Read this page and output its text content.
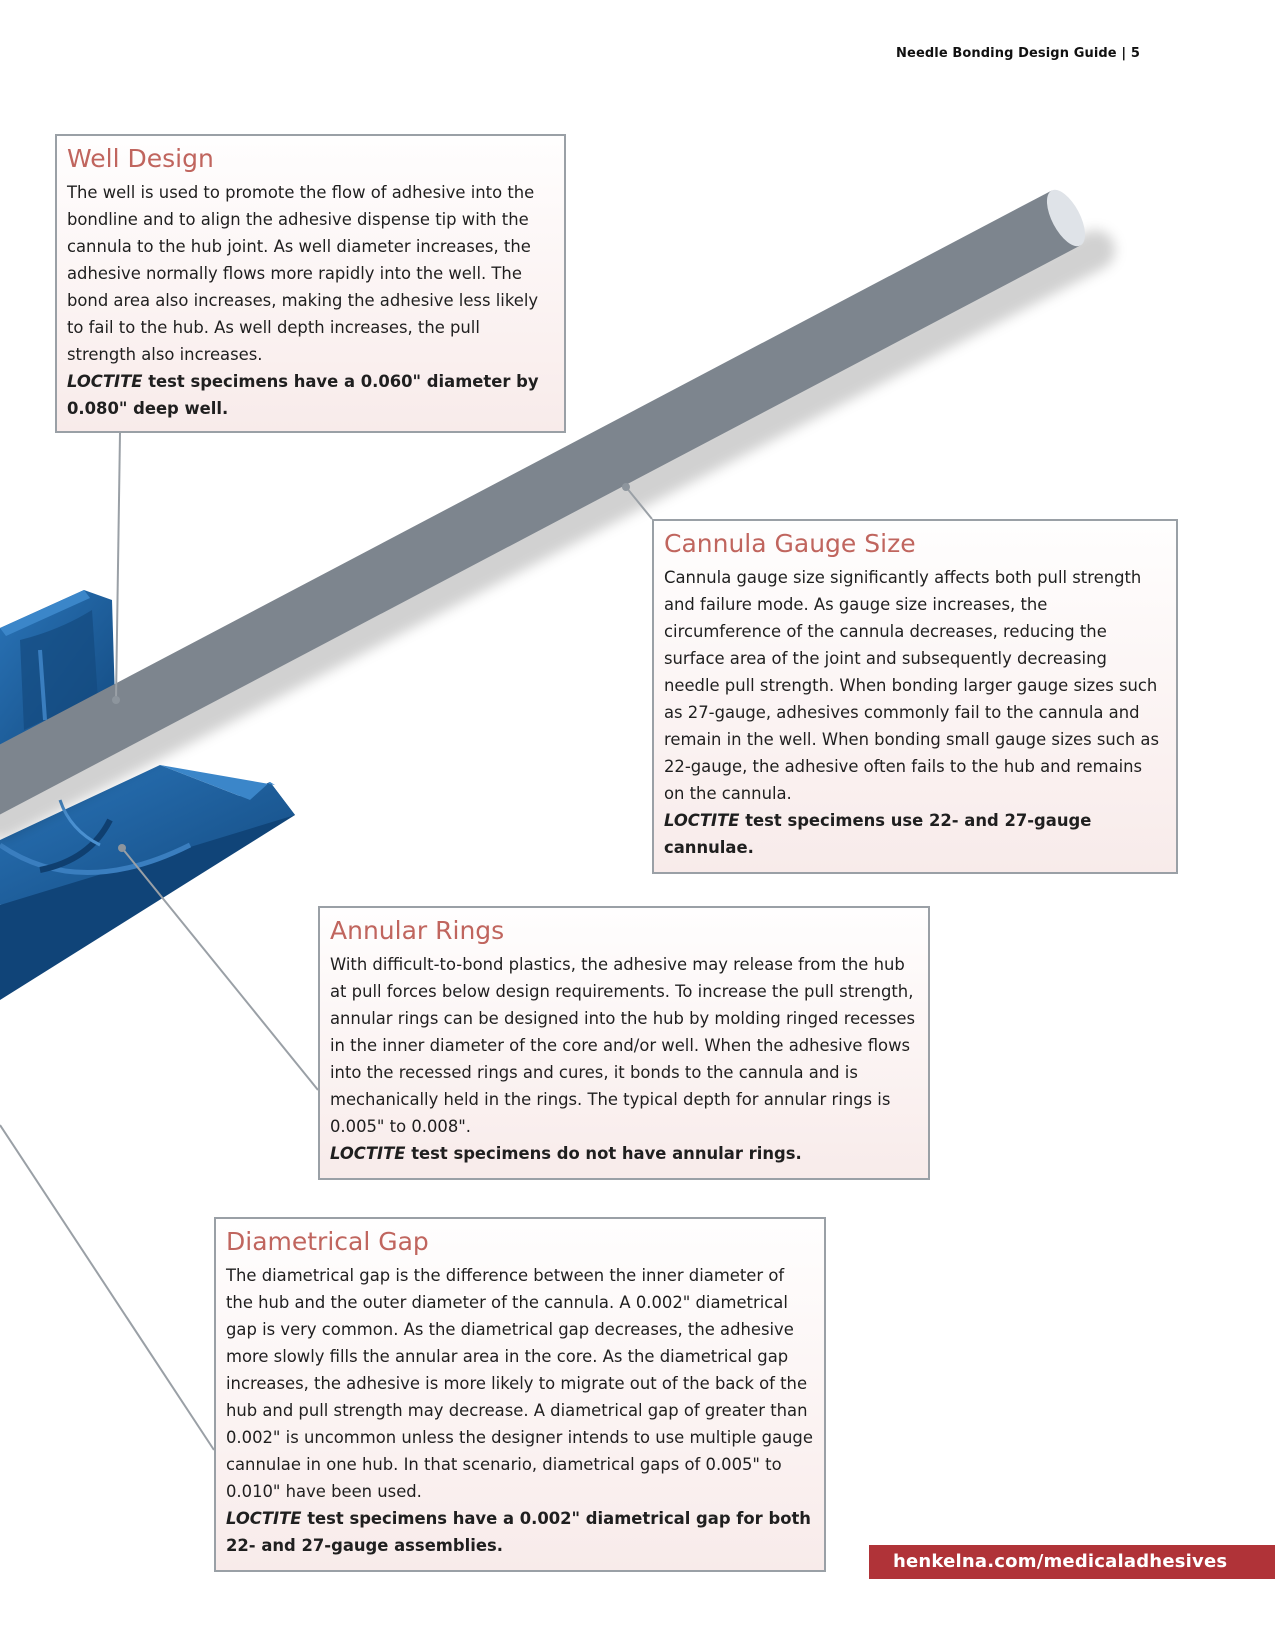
Needle Bonding Design Guide | 5
Well Design

The well is used to promote the flow of adhesive into the bondline and to align the adhesive dispense tip with the cannula to the hub joint. As well diameter increases, the adhesive normally flows more rapidly into the well. The bond area also increases, making the adhesive less likely to fail to the hub. As well depth increases, the pull strength also increases.

LOCTITE test specimens have a 0.060" diameter by 0.080" deep well.

Cannula Gauge Size

Cannula gauge size significantly affects both pull strength and failure mode. As gauge size increases, the circumference of the cannula decreases, reducing the surface area of the joint and subsequently decreasing needle pull strength. When bonding larger gauge sizes such as 27-gauge, adhesives commonly fail to the cannula and remain in the well. When bonding small gauge sizes such as 22-gauge, the adhesive often fails to the hub and remains on the cannula.

LOCTITE test specimens use 22- and 27-gauge cannulae.

Annular Rings

With difficult-to-bond plastics, the adhesive may release from the hub at pull forces below design requirements. To increase the pull strength, annular rings can be designed into the hub by molding ringed recesses in the inner diameter of the core and/or well. When the adhesive flows into the recessed rings and cures, it bonds to the cannula and is mechanically held in the rings. The typical depth for annular rings is 0.005" to 0.008".

LOCTITE test specimens do not have annular rings.

Diametrical Gap

The diametrical gap is the difference between the inner diameter of the hub and the outer diameter of the cannula. A 0.002" diametrical gap is very common. As the diametrical gap decreases, the adhesive more slowly fills the annular area in the core. As the diametrical gap increases, the adhesive is more likely to migrate out of the back of the hub and pull strength may decrease. A diametrical gap of greater than 0.002" is uncommon unless the designer intends to use multiple gauge cannulae in one hub. In that scenario, diametrical gaps of 0.005" to 0.010" have been used.

LOCTITE test specimens have a 0.002" diametrical gap for both 22- and 27-gauge assemblies.

henkelna.com/medicaladhesives
